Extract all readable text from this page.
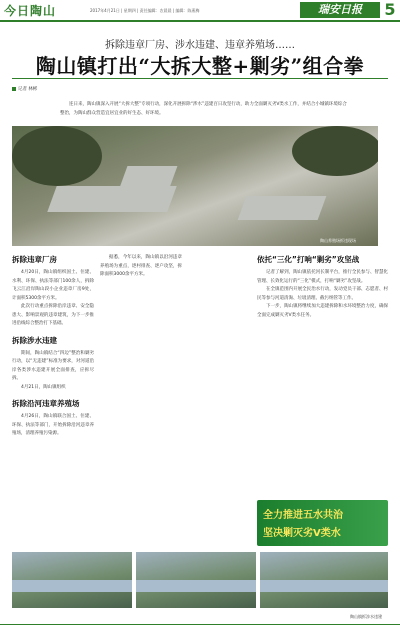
今日陶山	2017年4月21日 | 星期四 | 责任编辑：农晨晨 | 编辑：陈燕梅	瑞安日报	5
拆除违章厂房、涉水违建、违章养殖场……
陶山镇打出“大拆大整+剿劣”组合拳
记者 林彬
连日来，陶山镇深入开展“大拆大整”专项行动，深化开展拆除“涉水”违建百日攻坚行动，助力全面剿灭劣V类水工作，并结合小城镇环境综合整治，为陶山群众营造宜居宜业的好生态、好环境。
陶山养殖场拆违现场
拆除违章厂房

4月20日，陶山镇组织国土、住建、水利、环保、执法等部门100余人，拆除飞云江沿岸陶山段小企业违章厂房9处，计面积5300余平方米。

此次行动重点拆除沿岸违章、安全隐患大、影响景观的违章建筑，为下一步推进沿线综合整治打下基础。

拆除涉水违建

期间，陶山镇结合“四边”整治和剿劣行动，以“无违建”标准为要求，对河道沿岸各类涉水违建开展全面排查，应拆尽拆。

4月21日，陶山镇组织

拆除沿河违章养殖场

4月26日，陶山镇联合国土、住建、环保、执法等部门，开始拆除沿河违章养殖场，清理养殖污染源。

据悉，今年以来，陶山镇以沿河违章养殖场为重点，逐村排查、逐户攻坚，拆除面积3000余平方米。

依托“三化”打响“剿劣”攻坚战

记者了解到，陶山镇依托河长制平台，推行全民参与、智慧化管理、长效化运行的“三化”模式，打响“剿劣”攻坚战。

在全镇范围内开展全民治水行动，发动党员干部、志愿者、村民等参与河道清淘、垃圾清理、截污纳管等工作。

下一步，陶山镇将继续加大违建拆除和水环境整治力度，确保全面完成剿灭劣V类水任务。

全力推进五水共治
坚决剿灭劣V类水
陶山镇拆涉水违建
